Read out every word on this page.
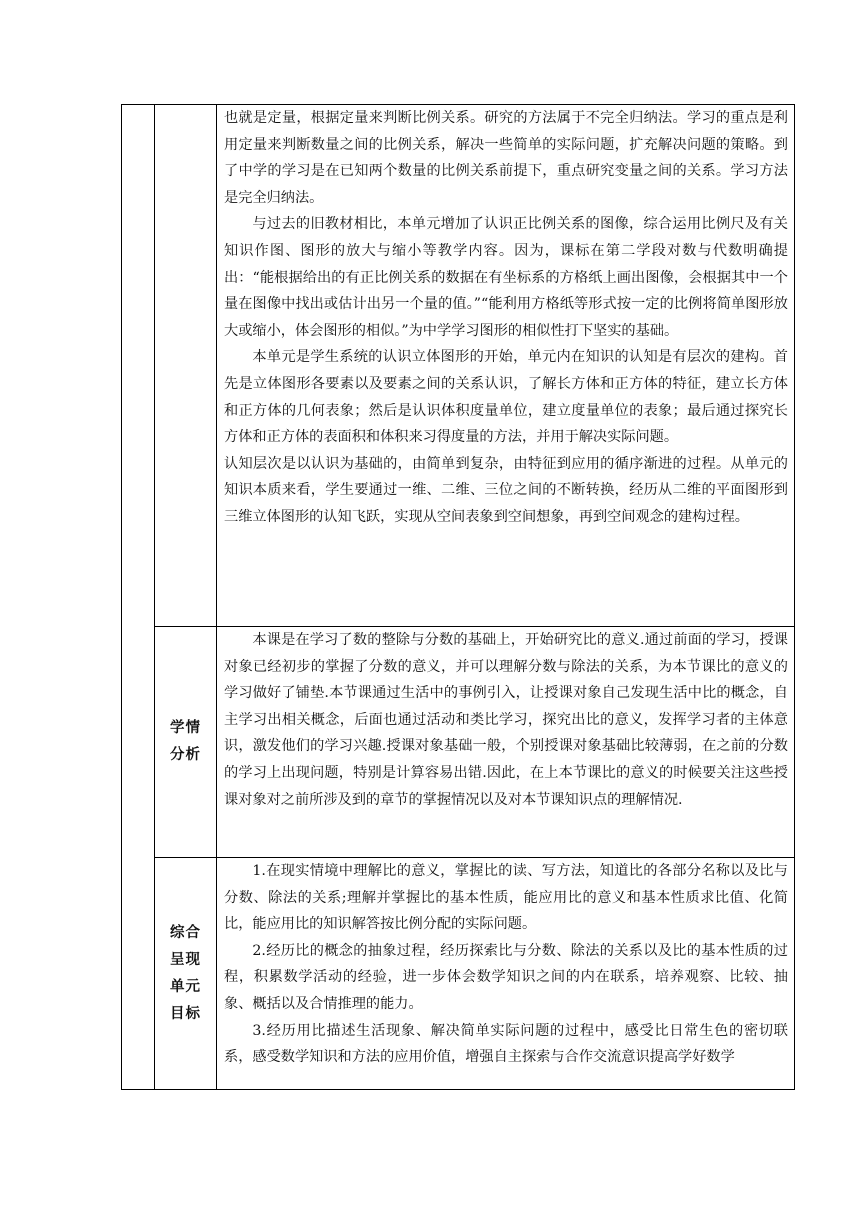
		也就是定量，根据定量来判断比例关系。研究的方法属于不完全归纳法。学习的重点是利用定量来判断数量之间的比例关系，解决一些简单的实际问题，扩充解决问题的策略。到了中学的学习是在已知两个数量的比例关系前提下，重点研究变量之间的关系。学习方法是完全归纳法。

与过去的旧教材相比，本单元增加了认识正比例关系的图像，综合运用比例尺及有关知识作图、图形的放大与缩小等教学内容。因为，课标在第二学段对数与代数明确提出：“能根据给出的有正比例关系的数据在有坐标系的方格纸上画出图像，会根据其中一个量在图像中找出或估计出另一个量的值。”“能利用方格纸等形式按一定的比例将简单图形放大或缩小，体会图形的相似。”为中学学习图形的相似性打下坚实的基础。

本单元是学生系统的认识立体图形的开始，单元内在知识的认知是有层次的建构。首先是立体图形各要素以及要素之间的关系认识，了解长方体和正方体的特征，建立长方体和正方体的几何表象；然后是认识体积度量单位，建立度量单位的表象；最后通过探究长方体和正方体的表面积和体积来习得度量的方法，并用于解决实际问题。

认知层次是以认识为基础的，由简单到复杂，由特征到应用的循序渐进的过程。从单元的知识本质来看，学生要通过一维、二维、三位之间的不断转换，经历从二维的平面图形到三维立体图形的认知飞跃，实现从空间表象到空间想象，再到空间观念的建构过程。

	学情分析	本课是在学习了数的整除与分数的基础上，开始研究比的意义.通过前面的学习，授课对象已经初步的掌握了分数的意义，并可以理解分数与除法的关系，为本节课比的意义的学习做好了铺垫.本节课通过生活中的事例引入，让授课对象自己发现生活中比的概念，自主学习出相关概念，后面也通过活动和类比学习，探究出比的意义，发挥学习者的主体意识，激发他们的学习兴趣.授课对象基础一般，个别授课对象基础比较薄弱，在之前的分数的学习上出现问题，特别是计算容易出错.因此，在上本节课比的意义的时候要关注这些授课对象对之前所涉及到的章节的掌握情况以及对本节课知识点的理解情况.

	综合呈现单元目标	1.在现实情境中理解比的意义，掌握比的读、写方法，知道比的各部分名称以及比与分数、除法的关系;理解并掌握比的基本性质，能应用比的意义和基本性质求比值、化简比，能应用比的知识解答按比例分配的实际问题。

2.经历比的概念的抽象过程，经历探索比与分数、除法的关系以及比的基本性质的过程，积累数学活动的经验，进一步体会数学知识之间的内在联系，培养观察、比较、抽象、概括以及合情推理的能力。

3.经历用比描述生活现象、解决简单实际问题的过程中，感受比日常生色的密切联系，感受数学知识和方法的应用价值，增强自主探索与合作交流意识提高学好数学
